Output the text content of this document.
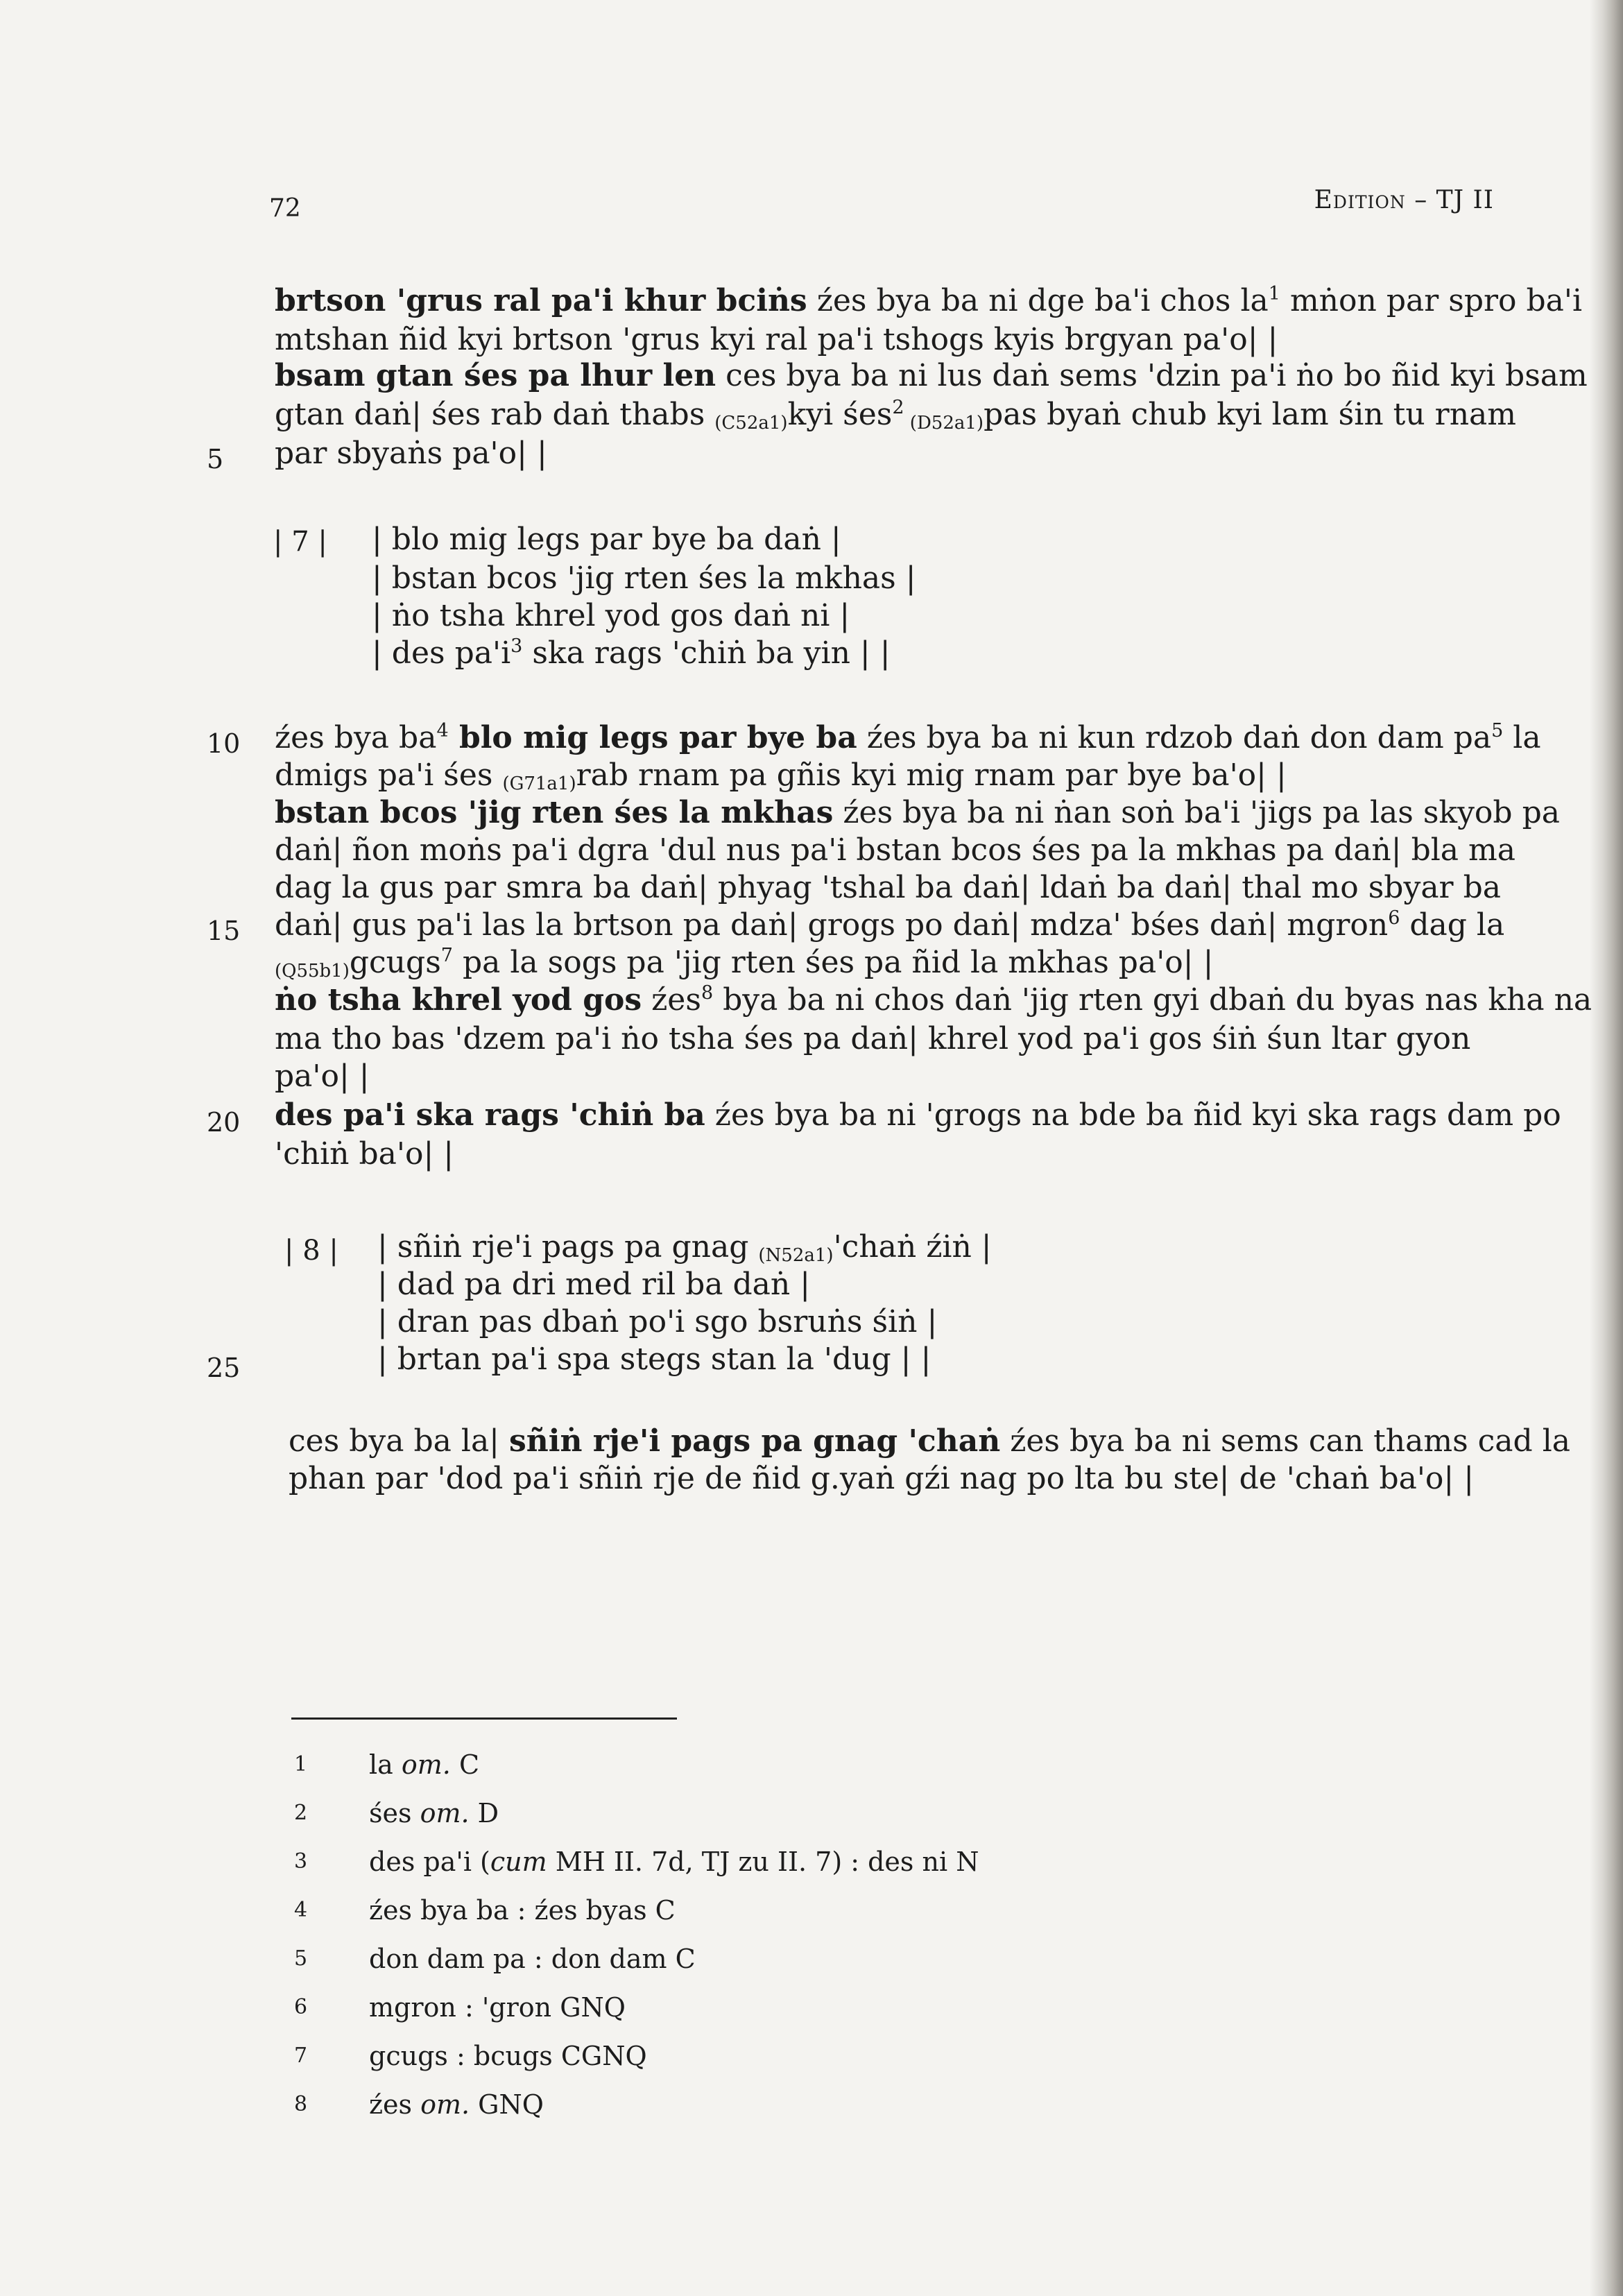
72	Edition – TJ II
5
10
15
20
25
brtson 'grus ral pa'i khur bciṅs źes bya ba ni dge ba'i chos $la^1$ mṅon par spro ba'i
mtshan ñid kyi brtson 'grus kyi ral pa'i tshogs kyis brgyan pa'o| |
bsam gtan śes pa lhur len ces bya ba ni lus daṅ sems 'dzin pa'i ṅo bo ñid kyi bsam
gtan daṅ| śes rab daṅ thabs (C52a1)kyi śes$^2$ (D52a1)pas byaṅ chub kyi lam śin tu rnam
par sbyaṅs pa'o| |
| 7 | | blo mig legs par bye ba daṅ |
| bstan bcos 'jig rten śes la mkhas |
| ṅo tsha khrel yod gos daṅ ni |
| des $pa'i^3$ ska rags 'chiṅ ba yin | |
źes bya $ba^4$ blo mig legs par bye ba źes bya ba ni kun rdzob daṅ don dam $pa^5$ la
dmigs pa'i śes (G71a1)rab rnam pa gñis kyi mig rnam par bye ba'o| |
bstan bcos 'jig rten śes la mkhas źes bya ba ni ṅan soṅ ba'i 'jigs pa las skyob pa
daṅ| ñon moṅs pa'i dgra 'dul nus pa'i bstan bcos śes pa la mkhas pa daṅ| bla ma
dag la gus par smra ba daṅ| phyag 'tshal ba daṅ| ldaṅ ba daṅ| thal mo sbyar ba
daṅ| gus pa'i las la brtson pa daṅ| grogs po daṅ| mdza' bśes daṅ| mgron$^6$ dag la
(Q55b1)gcugs$^7$ pa la sogs pa 'jig rten śes pa ñid la mkhas pa'o| |
ṅo tsha khrel yod gos źes$^8$ bya ba ni chos daṅ 'jig rten gyi dbaṅ du byas nas kha na
ma tho bas 'dzem pa'i ṅo tsha śes pa daṅ| khrel yod pa'i gos śiṅ śun ltar gyon
pa'o| |
des pa'i ska rags 'chiṅ ba źes bya ba ni 'grogs na bde ba ñid kyi ska rags dam po
'chiṅ ba'o| |
| 8 | | sñiṅ rje'i pags pa gnag (N52a1)'chaṅ źiṅ |
| dad pa dri med ril ba daṅ |
| dran pas dbaṅ po'i sgo bsruṅs śiṅ |
| brtan pa'i spa stegs stan la 'dug | |
ces bya ba la| sñiṅ rje'i pags pa gnag 'chaṅ źes bya ba ni sems can thams cad la
phan par 'dod pa'i sñiṅ rje de ñid g.yaṅ gźi nag po lta bu ste| de 'chaṅ ba'o| |
1 la om. C
2 śes om. D
3 des pa'i (cum MH II. 7d, TJ zu II. 7) : des ni N
4 źes bya ba : źes byas C
5 don dam pa : don dam C
6 mgron : 'gron GNQ
7 gcugs : bcugs CGNQ
8 źes om. GNQ
